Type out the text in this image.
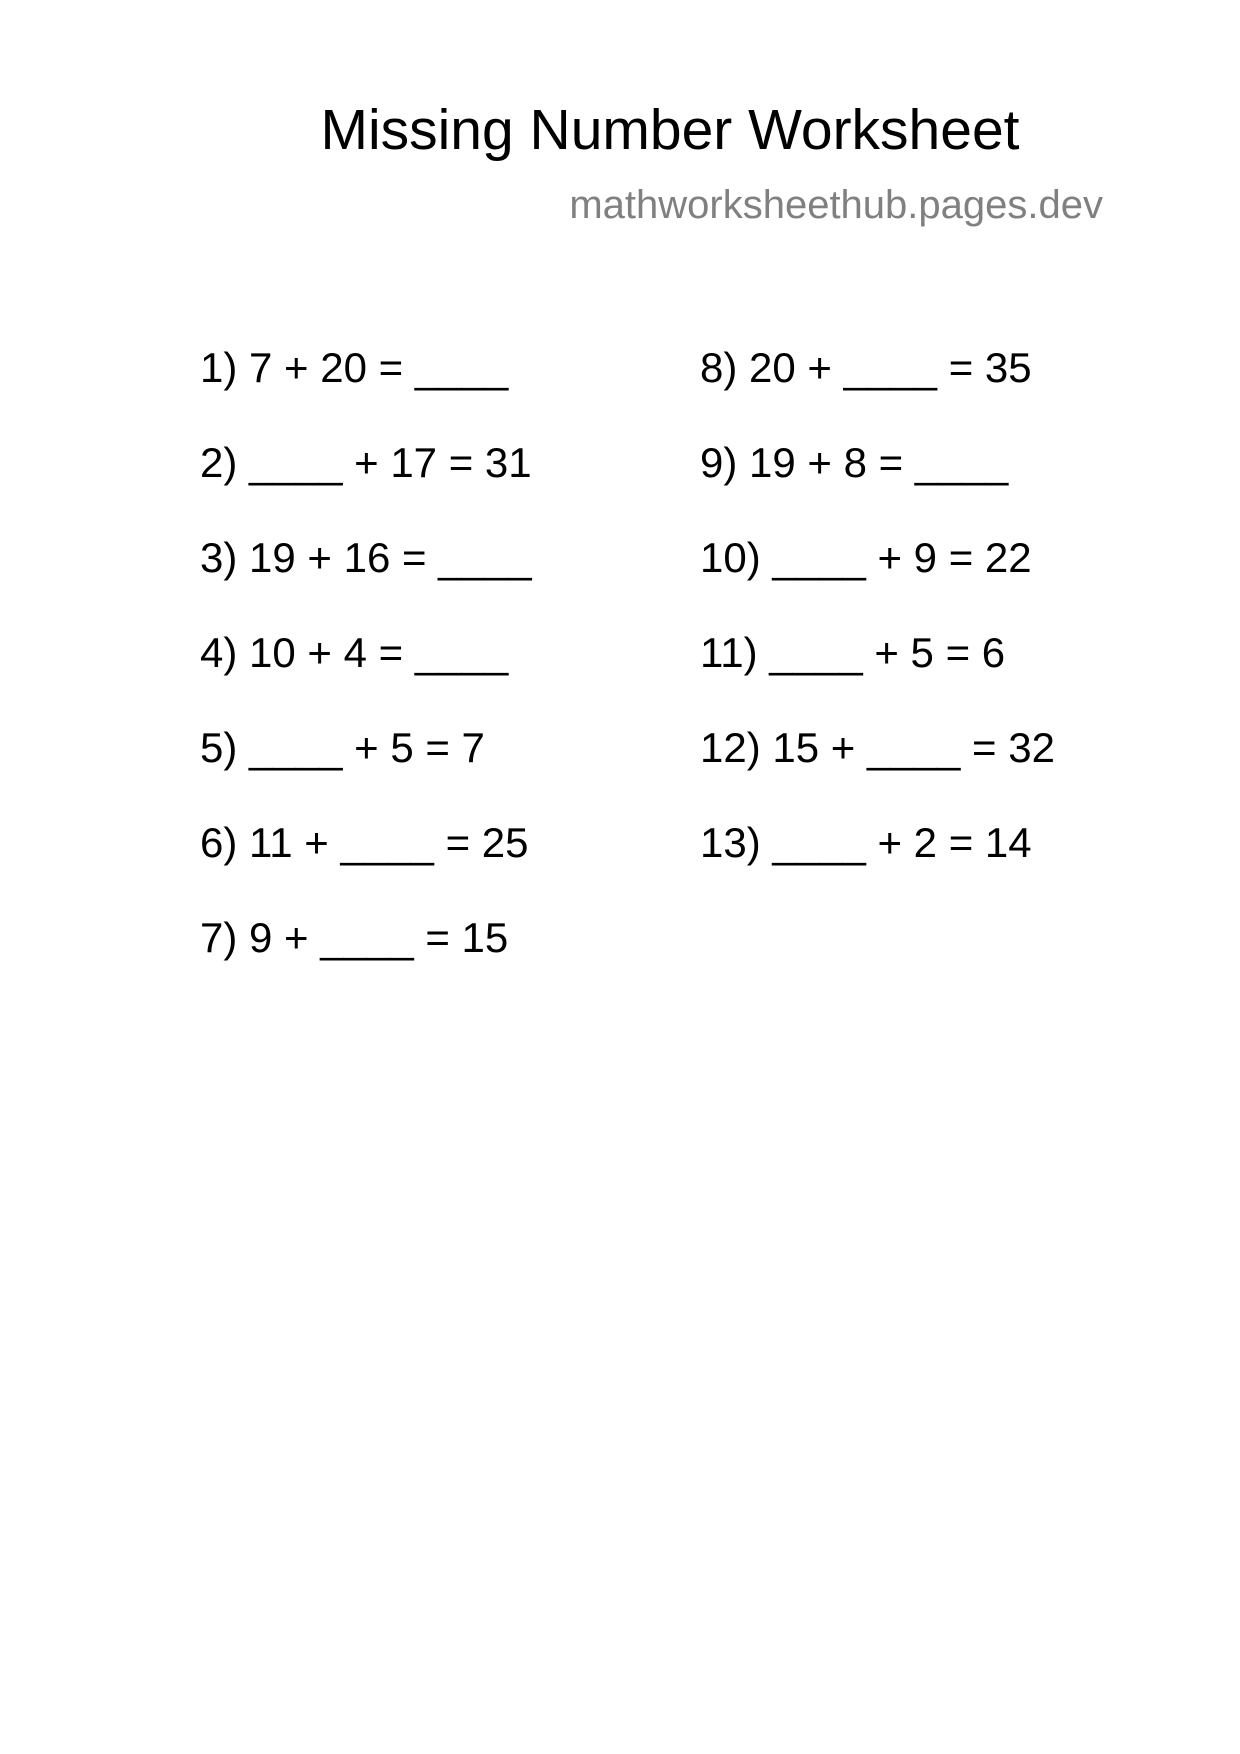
Missing Number Worksheet
mathworksheethub.pages.dev
1) 7 + 20 = ____
2) ____ + 17 = 31
3) 19 + 16 = ____
4) 10 + 4 = ____
5) ____ + 5 = 7
6) 11 + ____ = 25
7) 9 + ____ = 15
8) 20 + ____ = 35
9) 19 + 8 = ____
10) ____ + 9 = 22
11) ____ + 5 = 6
12) 15 + ____ = 32
13) ____ + 2 = 14
